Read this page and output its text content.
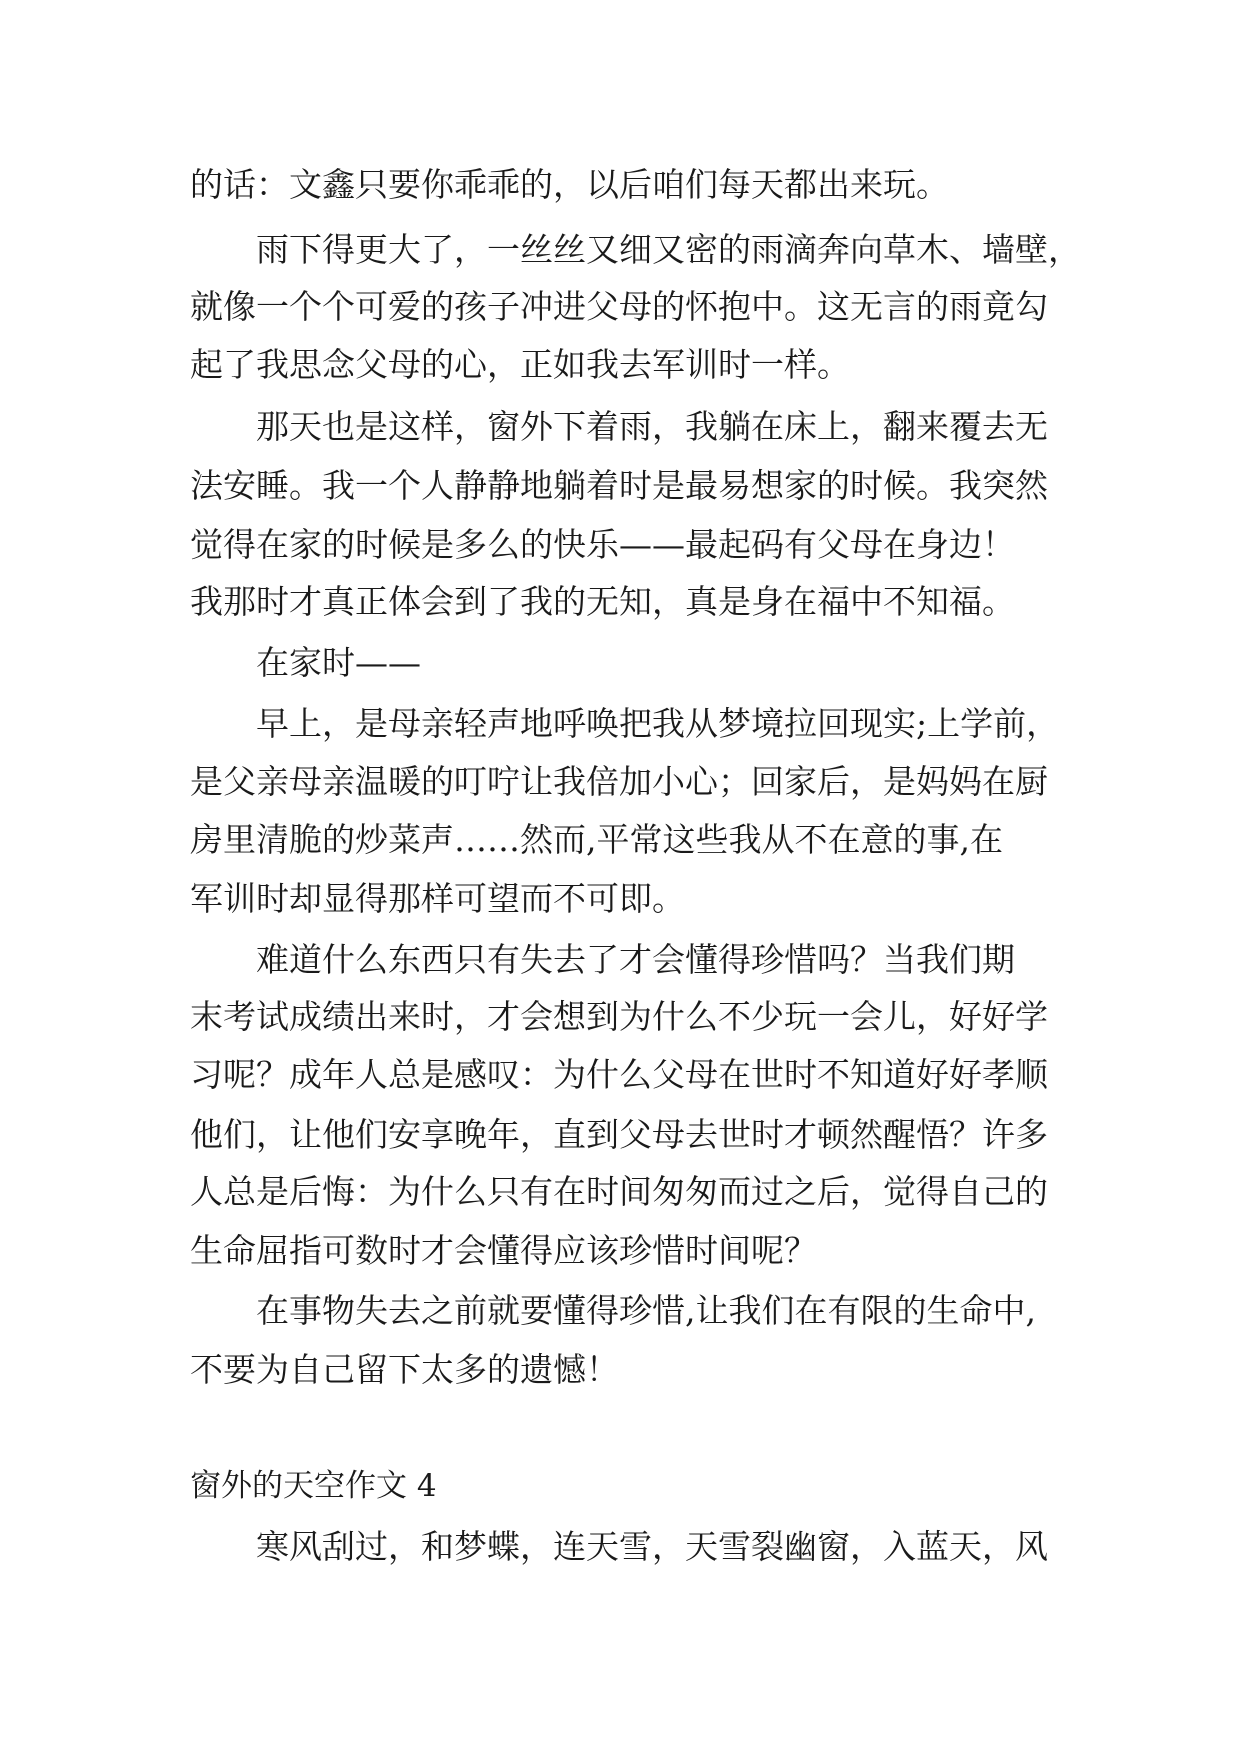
的话：文鑫只要你乖乖的，以后咱们每天都出来玩。
雨下得更大了，一丝丝又细又密的雨滴奔向草木、墙壁，
就像一个个可爱的孩子冲进父母的怀抱中。这无言的雨竟勾
起了我思念父母的心，正如我去军训时一样。
那天也是这样，窗外下着雨，我躺在床上，翻来覆去无
法安睡。我一个人静静地躺着时是最易想家的时候。我突然
觉得在家的时候是多么的快乐——最起码有父母在身边！
我那时才真正体会到了我的无知，真是身在福中不知福。
在家时——
早上，是母亲轻声地呼唤把我从梦境拉回现实;上学前，
是父亲母亲温暖的叮咛让我倍加小心；回家后，是妈妈在厨
房里清脆的炒菜声……然而,平常这些我从不在意的事,在
军训时却显得那样可望而不可即。
难道什么东西只有失去了才会懂得珍惜吗？当我们期
末考试成绩出来时，才会想到为什么不少玩一会儿，好好学
习呢？成年人总是感叹：为什么父母在世时不知道好好孝顺
他们，让他们安享晚年，直到父母去世时才顿然醒悟？许多
人总是后悔：为什么只有在时间匆匆而过之后，觉得自己的
生命屈指可数时才会懂得应该珍惜时间呢？
在事物失去之前就要懂得珍惜,让我们在有限的生命中,
不要为自己留下太多的遗憾！
窗外的天空作文 4
寒风刮过，和梦蝶，连天雪，天雪裂幽窗，入蓝天，风
